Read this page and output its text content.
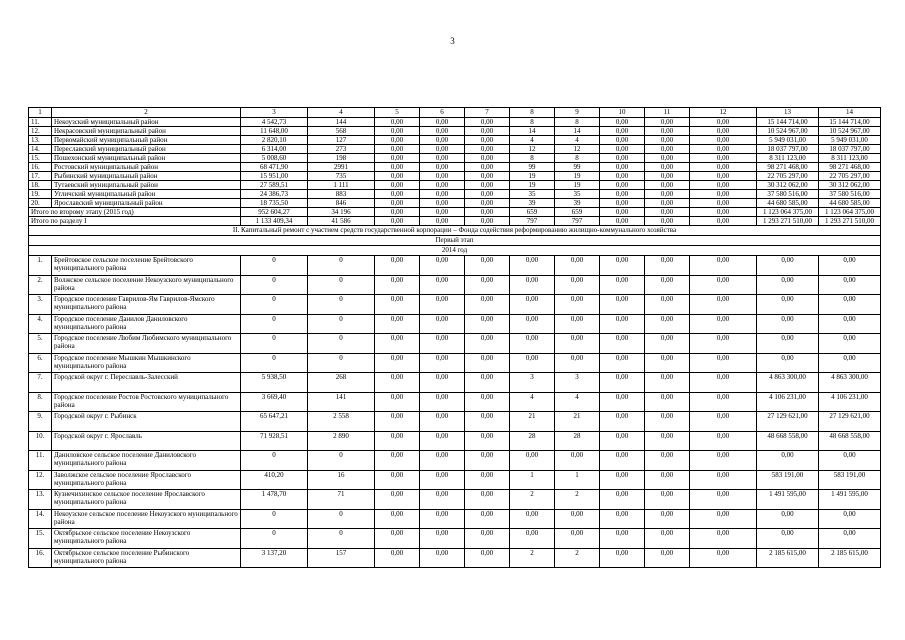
3
1	2	3	4	5	6	7	8	9	10	11	12	13	14
11.	Некоузский муниципальный район	4 542,73	144	0,00	0,00	0,00	8	8	0,00	0,00	0,00	15 144 714,00	15 144 714,00
12.	Некрасовский муниципальный район	11 648,00	568	0,00	0,00	0,00	14	14	0,00	0,00	0,00	10 524 967,00	10 524 967,00
13.	Первомайский муниципальный район	2 820,10	127	0,00	0,00	0,00	4	4	0,00	0,00	0,00	5 949 031,00	5 949 031,00
14.	Переславский муниципальный район	6 314,00	273	0,00	0,00	0,00	12	12	0,00	0,00	0,00	18 037 797,00	18 037 797,00
15.	Пошехонский муниципальный район	5 008,60	198	0,00	0,00	0,00	8	8	0,00	0,00	0,00	8 311 123,00	8 311 123,00
16.	Ростовский муниципальный район	68 471,90	2991	0,00	0,00	0,00	99	99	0,00	0,00	0,00	98 271 468,00	98 271 468,00
17.	Рыбинский муниципальный район	15 951,00	735	0,00	0,00	0,00	19	19	0,00	0,00	0,00	22 705 297,00	22 705 297,00
18.	Тутаевский муниципальный район	27 589,51	1 111	0,00	0,00	0,00	19	19	0,00	0,00	0,00	30 312 062,00	30 312 062,00
19.	Угличский муниципальный район	24 386,73	883	0,00	0,00	0,00	35	35	0,00	0,00	0,00	37 580 516,00	37 580 516,00
20.	Ярославский муниципальный район	18 735,50	846	0,00	0,00	0,00	39	39	0,00	0,00	0,00	44 680 585,00	44 680 585,00
Итого по второму этапу (2015 год)		952 604,27	34 196	0,00	0,00	0,00	659	659	0,00	0,00	0,00	1 123 064 375,00	1 123 064 375,00
Итого по разделу I		1 133 409,34	41 586	0,00	0,00	0,00	797	797	0,00	0,00	0,00	1 293 271 510,00	1 293 271 510,00
II. Капитальный ремонт с участием средств государственной корпорации – Фонда содействия реформированию жилищно-коммунального хозяйства													
Первый этап													
2014 год													
1.	Брейтовское сельское поселение Брейтовского муниципального района	0	0	0,00	0,00	0,00	0,00	0,00	0,00	0,00	0,00	0,00	0,00
2.	Волжское сельское поселение Некоузского муниципального района	0	0	0,00	0,00	0,00	0,00	0,00	0,00	0,00	0,00	0,00	0,00
3.	Городское поселение Гаврилов-Ям Гаврилов-Ямского муниципального района	0	0	0,00	0,00	0,00	0,00	0,00	0,00	0,00	0,00	0,00	0,00
4.	Городское поселение Данилов Даниловского муниципального района	0	0	0,00	0,00	0,00	0,00	0,00	0,00	0,00	0,00	0,00	0,00
5.	Городское поселение Любим Любимского муниципального района	0	0	0,00	0,00	0,00	0,00	0,00	0,00	0,00	0,00	0,00	0,00
6.	Городское поселение Мышкин Мышкинского муниципального района	0	0	0,00	0,00	0,00	0,00	0,00	0,00	0,00	0,00	0,00	0,00
7.	Городской округ г. Переславль-Залесский	5 938,50	268	0,00	0,00	0,00	3	3	0,00	0,00	0,00	4 863 300,00	4 863 300,00
8.	Городское поселение Ростов Ростовского муниципального района	3 669,40	141	0,00	0,00	0,00	4	4	0,00	0,00	0,00	4 106 231,00	4 106 231,00
9.	Городской округ г. Рыбинск	65 647,21	2 558	0,00	0,00	0,00	21	21	0,00	0,00	0,00	27 129 621,00	27 129 621,00
10.	Городской округ г. Ярославль	71 928,51	2 890	0,00	0,00	0,00	28	28	0,00	0,00	0,00	48 668 558,00	48 668 558,00
11.	Даниловское сельское поселение Даниловского муниципального района	0	0	0,00	0,00	0,00	0,00	0,00	0,00	0,00	0,00	0,00	0,00
12.	Заволжское сельское поселение Ярославского муниципального района	410,20	16	0,00	0,00	0,00	1	1	0,00	0,00	0,00	583 191,00	583 191,00
13.	Кузнечихинское сельское поселение Ярославского муниципального района	1 478,70	71	0,00	0,00	0,00	2	2	0,00	0,00	0,00	1 491 595,00	1 491 595,00
14.	Некоузское сельское поселение Некоузского муниципального района	0	0	0,00	0,00	0,00	0,00	0,00	0,00	0,00	0,00	0,00	0,00
15.	Октябрьское сельское поселение Некоузского муниципального района	0	0	0,00	0,00	0,00	0,00	0,00	0,00	0,00	0,00	0,00	0,00
16.	Октябрьское сельское поселение Рыбинского муниципального района	3 137,20	157	0,00	0,00	0,00	2	2	0,00	0,00	0,00	2 185 615,00	2 185 615,00
